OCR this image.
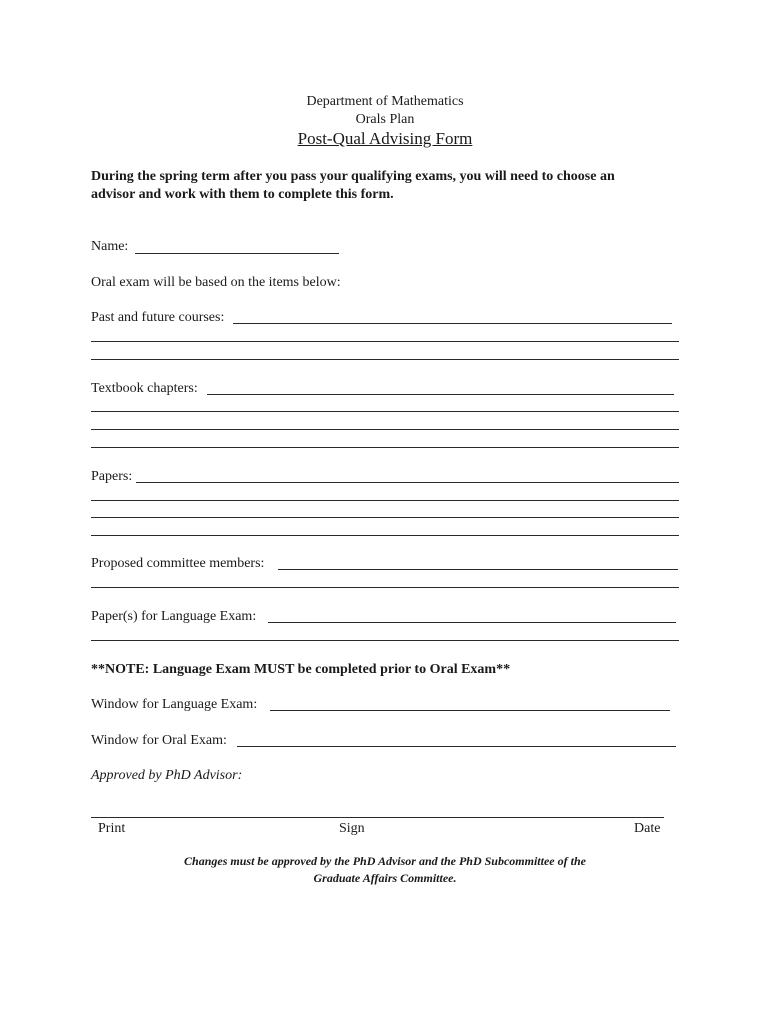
Department of Mathematics
Orals Plan
Post-Qual Advising Form
During the spring term after you pass your qualifying exams, you will need to choose an
advisor and work with them to complete this form.
Name:
Oral exam will be based on the items below:
Past and future courses:
Textbook chapters:
Papers:
Proposed committee members:
Paper(s) for Language Exam:
**NOTE: Language Exam MUST be completed prior to Oral Exam**
Window for Language Exam:
Window for Oral Exam:
Approved by PhD Advisor:
Print	Sign	Date
Changes must be approved by the PhD Advisor and the PhD Subcommittee of the
Graduate Affairs Committee.
